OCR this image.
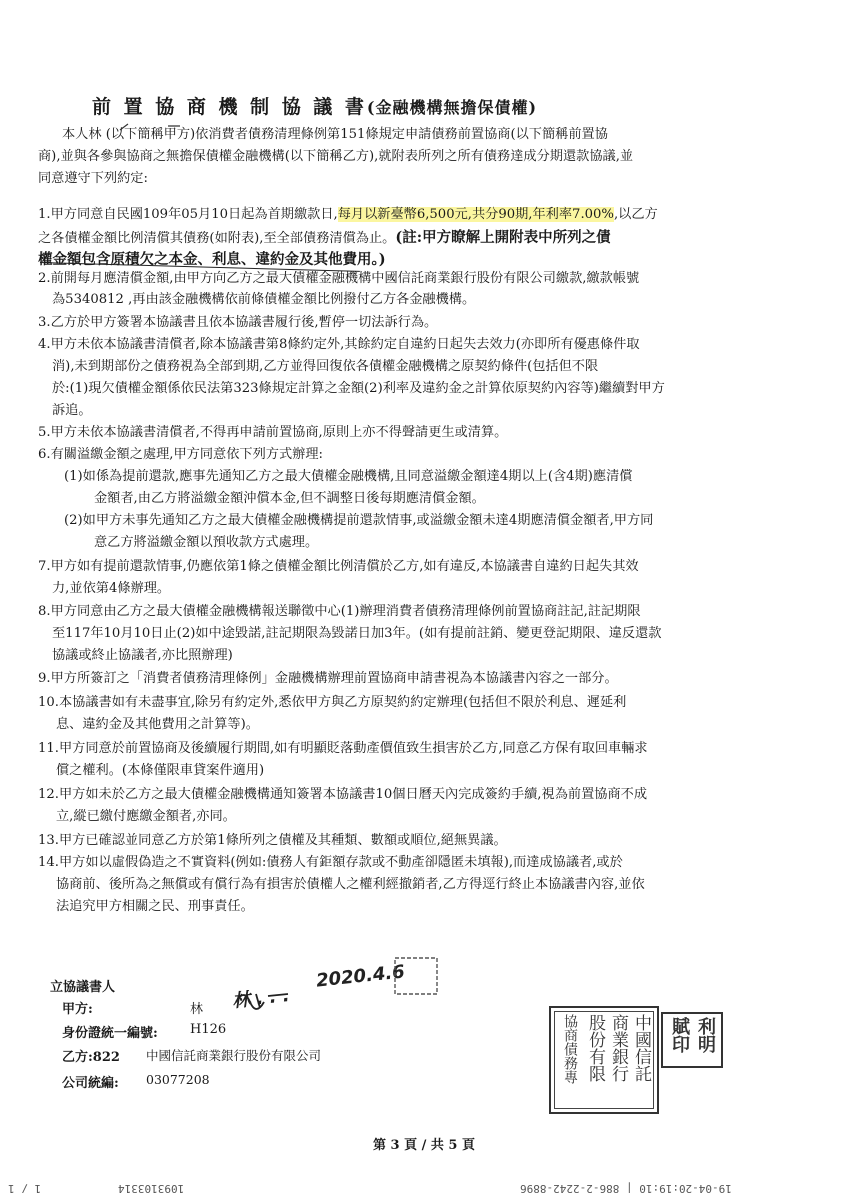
前 置 協 商 機 制 協 議 書(金融機構無擔保債權)
本人林 (以下簡稱甲方)依消費者債務清理條例第151條規定申請債務前置協商(以下簡稱前置協
商),並與各參與協商之無擔保債權金融機構(以下簡稱乙方),就附表所列之所有債務達成分期還款協議,並
同意遵守下列約定:
1.甲方同意自民國109年05月10日起為首期繳款日,每月以新臺幣6,500元,共分90期,年利率7.00%,以乙方
之各債權金額比例清償其債務(如附表),至全部債務清償為止。(註:甲方瞭解上開附表中所列之債
權金額包含原積欠之本金、利息、違約金及其他費用。)
2.前開每月應清償金額,由甲方向乙方之最大債權金融機構中國信託商業銀行股份有限公司繳款,繳款帳號
為5340812 ,再由該金融機構依前條債權金額比例撥付乙方各金融機構。
3.乙方於甲方簽署本協議書且依本協議書履行後,暫停一切法訴行為。
4.甲方未依本協議書清償者,除本協議書第8條約定外,其餘約定自違約日起失去效力(亦即所有優惠條件取
消),未到期部份之債務視為全部到期,乙方並得回復依各債權金融機構之原契約條件(包括但不限
於:(1)現欠債權金額係依民法第323條規定計算之金額(2)利率及違約金之計算依原契約內容等)繼續對甲方
訴追。
5.甲方未依本協議書清償者,不得再申請前置協商,原則上亦不得聲請更生或清算。
6.有關溢繳金額之處理,甲方同意依下列方式辦理:
(1)如係為提前還款,應事先通知乙方之最大債權金融機構,且同意溢繳金額達4期以上(含4期)應清償
金額者,由乙方將溢繳金額沖償本金,但不調整日後每期應清償金額。
(2)如甲方未事先通知乙方之最大債權金融機構提前還款情事,或溢繳金額未達4期應清償金額者,甲方同
意乙方將溢繳金額以預收款方式處理。
7.甲方如有提前還款情事,仍應依第1條之債權金額比例清償於乙方,如有違反,本協議書自違約日起失其效
力,並依第4條辦理。
8.甲方同意由乙方之最大債權金融機構報送聯徵中心(1)辦理消費者債務清理條例前置協商註記,註記期限
至117年10月10日止(2)如中途毀諾,註記期限為毀諾日加3年。(如有提前註銷、變更登記期限、違反還款
協議或終止協議者,亦比照辦理)
9.甲方所簽訂之「消費者債務清理條例」金融機構辦理前置協商申請書視為本協議書內容之一部分。
10.本協議書如有未盡事宜,除另有約定外,悉依甲方與乙方原契約約定辦理(包括但不限於利息、遲延利
息、違約金及其他費用之計算等)。
11.甲方同意於前置協商及後續履行期間,如有明顯貶落動產價值致生損害於乙方,同意乙方保有取回車輛求
償之權利。(本條僅限車貸案件適用)
12.甲方如未於乙方之最大債權金融機構通知簽署本協議書10個日曆天內完成簽約手續,視為前置協商不成
立,縱已繳付應繳金額者,亦同。
13.甲方已確認並同意乙方於第1條所列之債權及其種類、數額或順位,絕無異議。
14.甲方如以虛假偽造之不實資料(例如:債務人有鉅額存款或不動產卻隱匿未填報),而達成協議者,或於
協商前、後所為之無償或有償行為有損害於債權人之權利經撤銷者,乙方得逕行終止本協議書內容,並依
法追究甲方相關之民、刑事責任。
立協議書人
甲方:	林 林 . . .
2020.4.6
身份證統一編號: H126
乙方:822 中國信託商業銀行股份有限公司
公司統編: 03077208	中國信託
商業銀行
股份有限
協商債務專	利明
賦印
第 3 頁 / 共 5 頁
1 / 1	1093103314	19-04-20:19:10 | 886-2-2242-8896
